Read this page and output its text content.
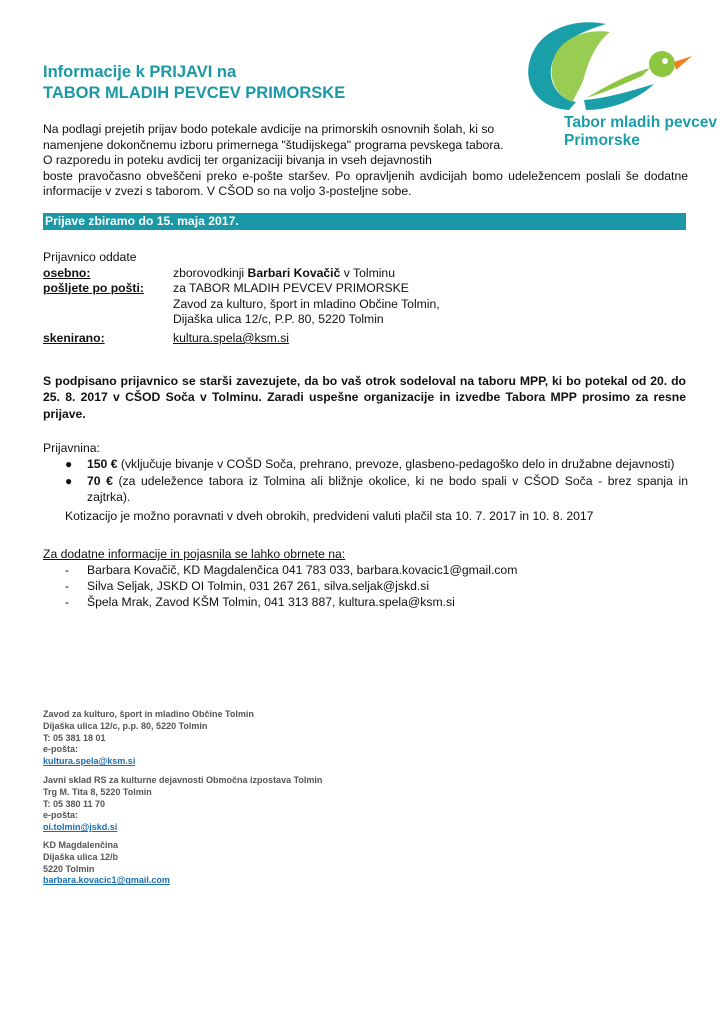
Tabor mladih pevcev
Primorske
Informacije k PRIJAVI na
TABOR MLADIH PEVCEV PRIMORSKE
Na podlagi prejetih prijav bodo potekale avdicije na primorskih osnovnih šolah, ki so
namenjene dokončnemu izboru primernega "študijskega" programa pevskega tabora.
O razporedu in poteku avdicij ter organizaciji bivanja in vseh dejavnostih
boste pravočasno obveščeni preko e-pošte staršev. Po opravljenih avdicijah bomo udeležencem poslali še dodatne
informacije v zvezi s taborom. V CŠOD so na voljo 3-posteljne sobe.
Prijave zbiramo do 15. maja 2017.
Prijavnico oddate
osebno:	zborovodkinji Barbari Kovačič v Tolminu
pošljete po pošti: za TABOR MLADIH PEVCEV PRIMORSKE
Zavod za kulturo, šport in mladino Občine Tolmin,
Dijaška ulica 12/c, P.P. 80, 5220 Tolmin
skenirano:	kultura.spela@ksm.si
S podpisano prijavnico se starši zavezujete, da bo vaš otrok sodeloval na taboru MPP, ki bo potekal od 20. do
25. 8. 2017 v CŠOD Soča v Tolminu. Zaradi uspešne organizacije in izvedbe Tabora MPP prosimo za resne
prijave.
Prijavnina:
● 150 € (vključuje bivanje v COŠD Soča, prehrano, prevoze, glasbeno-pedagoško delo in družabne dejavnosti)
● 70 € (za udeležence tabora iz Tolmina ali bližnje okolice, ki ne bodo spali v CŠOD Soča - brez spanja in
zajtrka).
Kotizacijo je možno poravnati v dveh obrokih, predvideni valuti plačil sta 10. 7. 2017 in 10. 8. 2017
Za dodatne informacije in pojasnila se lahko obrnete na:
- Barbara Kovačič, KD Magdalenčica 041 783 033, barbara.kovacic1@gmail.com
- Silva Seljak, JSKD OI Tolmin, 031 267 261, silva.seljak@jskd.si
- Špela Mrak, Zavod KŠM Tolmin, 041 313 887, kultura.spela@ksm.si
Zavod za kulturo, šport in mladino Občine Tolmin
Dijaška ulica 12/c, p.p. 80, 5220 Tolmin
T: 05 381 18 01
e-pošta:
kultura.spela@ksm.si
Javni sklad RS za kulturne dejavnosti Območna izpostava Tolmin
Trg M. Tita 8, 5220 Tolmin
T: 05 380 11 70
e-pošta:
oi.tolmin@jskd.si
KD Magdalenčina
Dijaška ulica 12/b
5220 Tolmin
barbara.kovacic1@gmail.com
